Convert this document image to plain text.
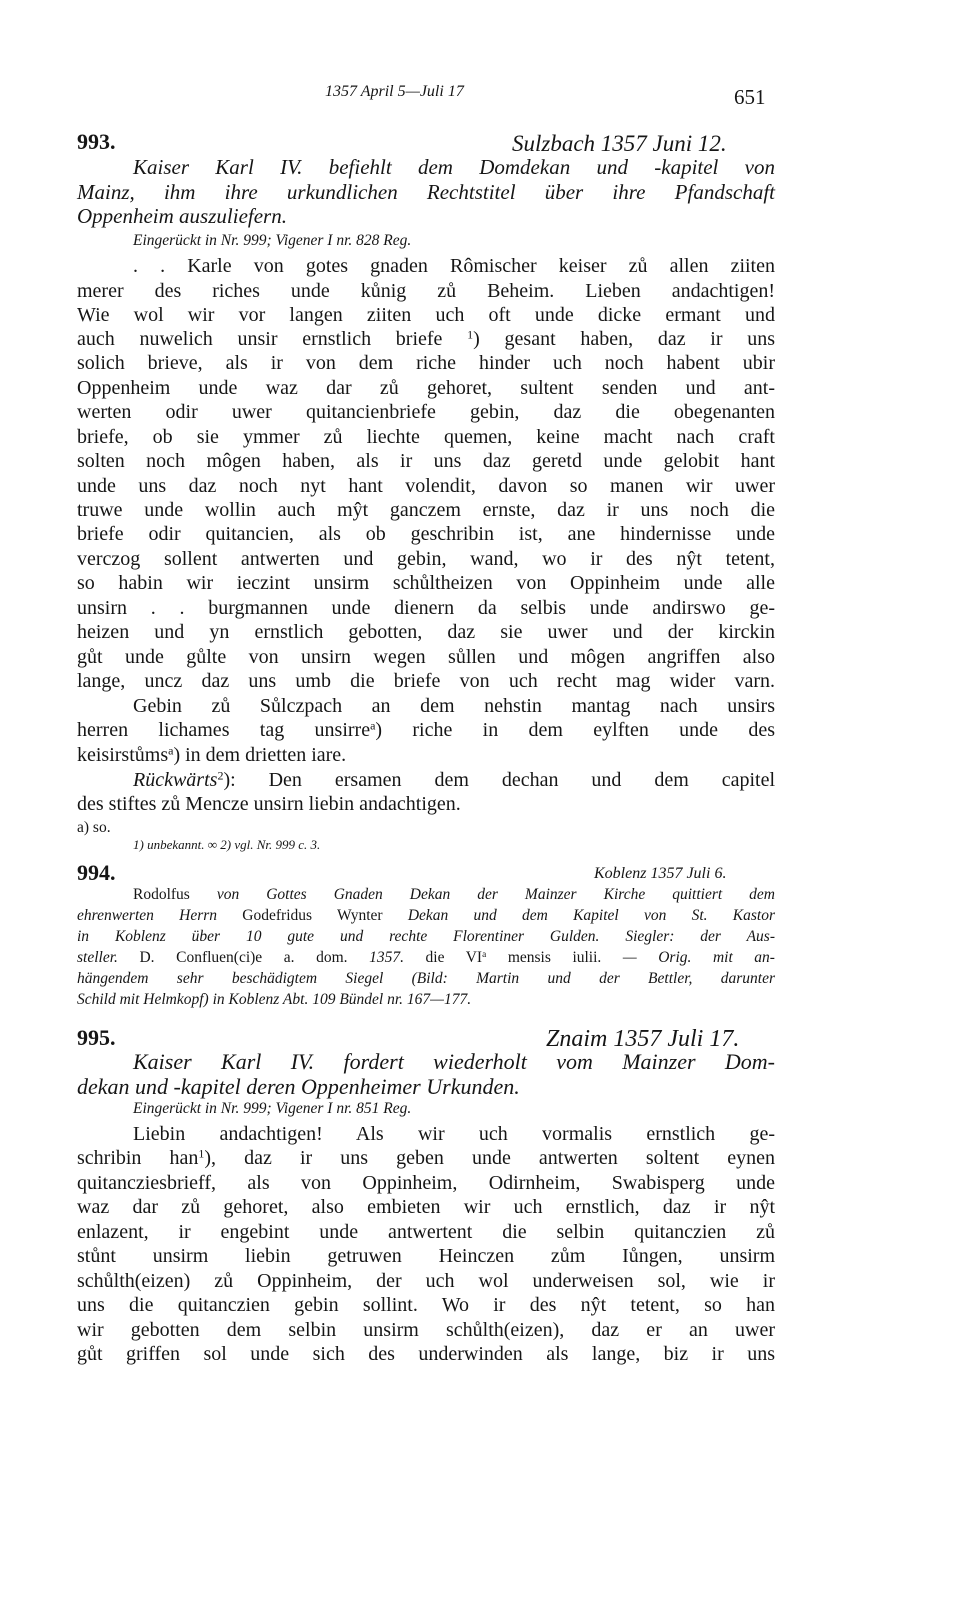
1357 April 5—Juli 17	651
993.	Sulzbach 1357 Juni 12.
Kaiser Karl IV. befiehlt dem Domdekan und -kapitel von
Mainz, ihm ihre urkundlichen Rechtstitel über ihre Pfandschaft
Oppenheim auszuliefern.
Eingerückt in Nr. 999; Vigener I nr. 828 Reg.
. . Karle von gotes gnaden Rômischer keiser zů allen ziiten
merer des riches unde kůnig zů Beheim. Lieben andachtigen!
Wie wol wir vor langen ziiten uch oft unde dicke ermant und
auch nuwelich unsir ernstlich briefe $^1$) gesant haben, daz ir uns
solich brieve, als ir von dem riche hinder uch noch habent ubir
Oppenheim unde waz dar zů gehoret, sultent senden und ant-
werten odir uwer quitancienbriefe gebin, daz die obegenanten
briefe, ob sie ymmer zů liechte quemen, keine macht nach craft
solten noch môgen haben, als ir uns daz geretd unde gelobit hant
unde uns daz noch nyt hant volendit, davon so manen wir uwer
truwe unde wollin auch mŷt ganczem ernste, daz ir uns noch die
briefe odir quitancien, als ob geschribin ist, ane hindernisse unde
verczog sollent antwerten und gebin, wand, wo ir des nŷt tetent,
so habin wir ieczint unsirm schůltheizen von Oppinheim unde alle
unsirn . . burgmannen unde dienern da selbis unde andirswo ge-
heizen und yn ernstlich gebotten, daz sie uwer und der kirckin
gůt unde gůlte von unsirn wegen sůllen und môgen angriffen also
lange, uncz daz uns umb die briefe von uch recht mag wider varn.
Gebin zů Sůlczpach an dem nehstin mantag nach unsirs
herren lichames tag unsirre$^a$) riche in dem eylften unde des
keisirstůms$^a$) in dem drietten iare.
Rückwärts$^2$): Den ersamen dem dechan und dem capitel
des stiftes zů Mencze unsirn liebin andachtigen.
a) so.
1) unbekannt. ∞ 2) vgl. Nr. 999 c. 3.
994.	Koblenz 1357 Juli 6.
Rodolfus von Gottes Gnaden Dekan der Mainzer Kirche quittiert dem
ehrenwerten Herrn Godefridus Wynter Dekan und dem Kapitel von St. Kastor
in Koblenz über 10 gute und rechte Florentiner Gulden. Siegler: der Aus-
steller. D. Confluen(ci)e a. dom. 1357. die $VI^a$ mensis iulii. — Orig. mit an-
hängendem sehr beschädigtem Siegel (Bild: Martin und der Bettler, darunter
Schild mit Helmkopf) in Koblenz Abt. 109 Bündel nr. 167—177.
995.	Znaim 1357 Juli 17.
Kaiser Karl IV. fordert wiederholt vom Mainzer Dom-
dekan und -kapitel deren Oppenheimer Urkunden.
Eingerückt in Nr. 999; Vigener I nr. 851 Reg.
Liebin andachtigen! Als wir uch vormalis ernstlich ge-
schribin han$^1$), daz ir uns geben unde antwerten soltent eynen
quitancziesbrieff, als von Oppinheim, Odirnheim, Swabisperg unde
waz dar zů gehoret, also embieten wir uch ernstlich, daz ir nŷt
enlazent, ir engebint unde antwertent die selbin quitanczien zů
stůnt unsirm liebin getruwen Heinczen zům Iůngen, unsirm
schůlth(eizen) zů Oppinheim, der uch wol underweisen sol, wie ir
uns die quitanczien gebin sollint. Wo ir des nŷt tetent, so han
wir gebotten dem selbin unsirm schůlth(eizen), daz er an uwer
gůt griffen sol unde sich des underwinden als lange, biz ir uns
